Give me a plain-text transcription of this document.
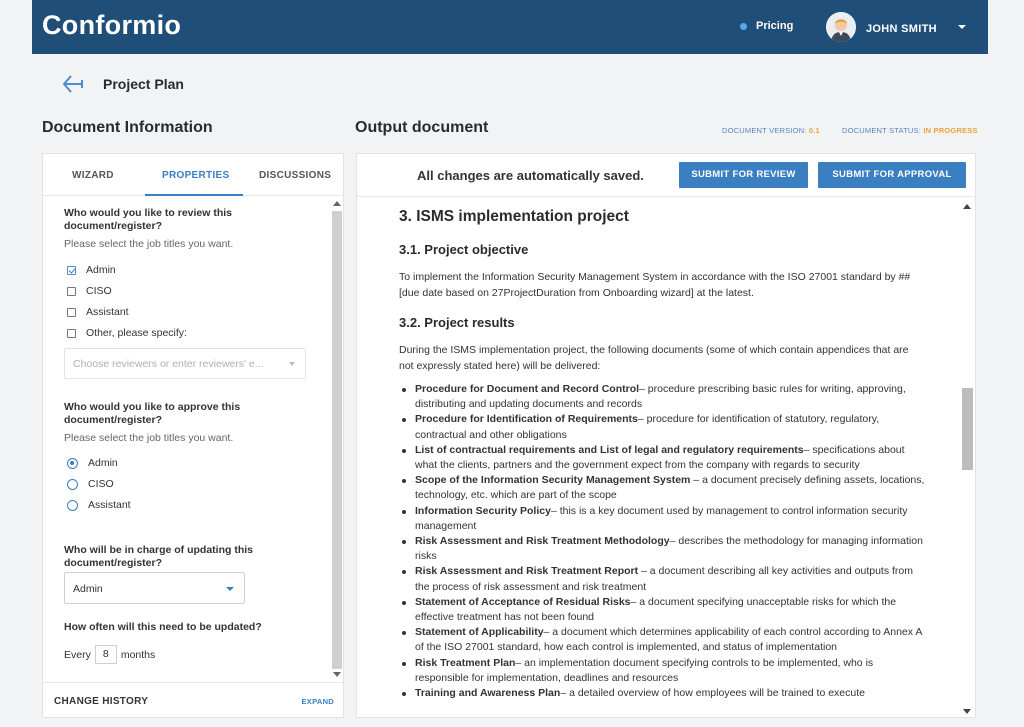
Conformio	Pricing	JOHN SMITH
Project Plan
Document Information	Output document	DOCUMENT VERSION: 0.1	DOCUMENT STATUS: IN PROGRESS
WIZARD	PROPERTIES	DISCUSSIONS
Who would you like to review this document/register?
Please select the job titles you want.
Admin
CISO
Assistant
Other, please specify:
Choose reviewers or enter reviewers' e...
Who would you like to approve this document/register?
Please select the job titles you want.
Admin
CISO
Assistant
Who will be in charge of updating this document/register?
Admin
How often will this need to be updated?
Every	8	months
CHANGE HISTORY	EXPAND
All changes are automatically saved.	SUBMIT FOR REVIEW	SUBMIT FOR APPROVAL
3. ISMS implementation project
3.1. Project objective
To implement the Information Security Management System in accordance with the ISO 27001 standard by ##[due date based on 27ProjectDuration from Onboarding wizard] at the latest.
3.2. Project results
During the ISMS implementation project, the following documents (some of which contain appendices that are not expressly stated here) will be delivered:
Procedure for Document and Record Control– procedure prescribing basic rules for writing, approving, distributing and updating documents and records
Procedure for Identification of Requirements– procedure for identification of statutory, regulatory, contractual and other obligations
List of contractual requirements and List of legal and regulatory requirements– specifications about what the clients, partners and the government expect from the company with regards to security
Scope of the Information Security Management System – a document precisely defining assets, locations, technology, etc. which are part of the scope
Information Security Policy– this is a key document used by management to control information security management
Risk Assessment and Risk Treatment Methodology– describes the methodology for managing information risks
Risk Assessment and Risk Treatment Report – a document describing all key activities and outputs from the process of risk assessment and risk treatment
Statement of Acceptance of Residual Risks– a document specifying unacceptable risks for which the effective treatment has not been found
Statement of Applicability– a document which determines applicability of each control according to Annex A of the ISO 27001 standard, how each control is implemented, and status of implementation
Risk Treatment Plan– an implementation document specifying controls to be implemented, who is responsible for implementation, deadlines and resources
Training and Awareness Plan– a detailed overview of how employees will be trained to execute
